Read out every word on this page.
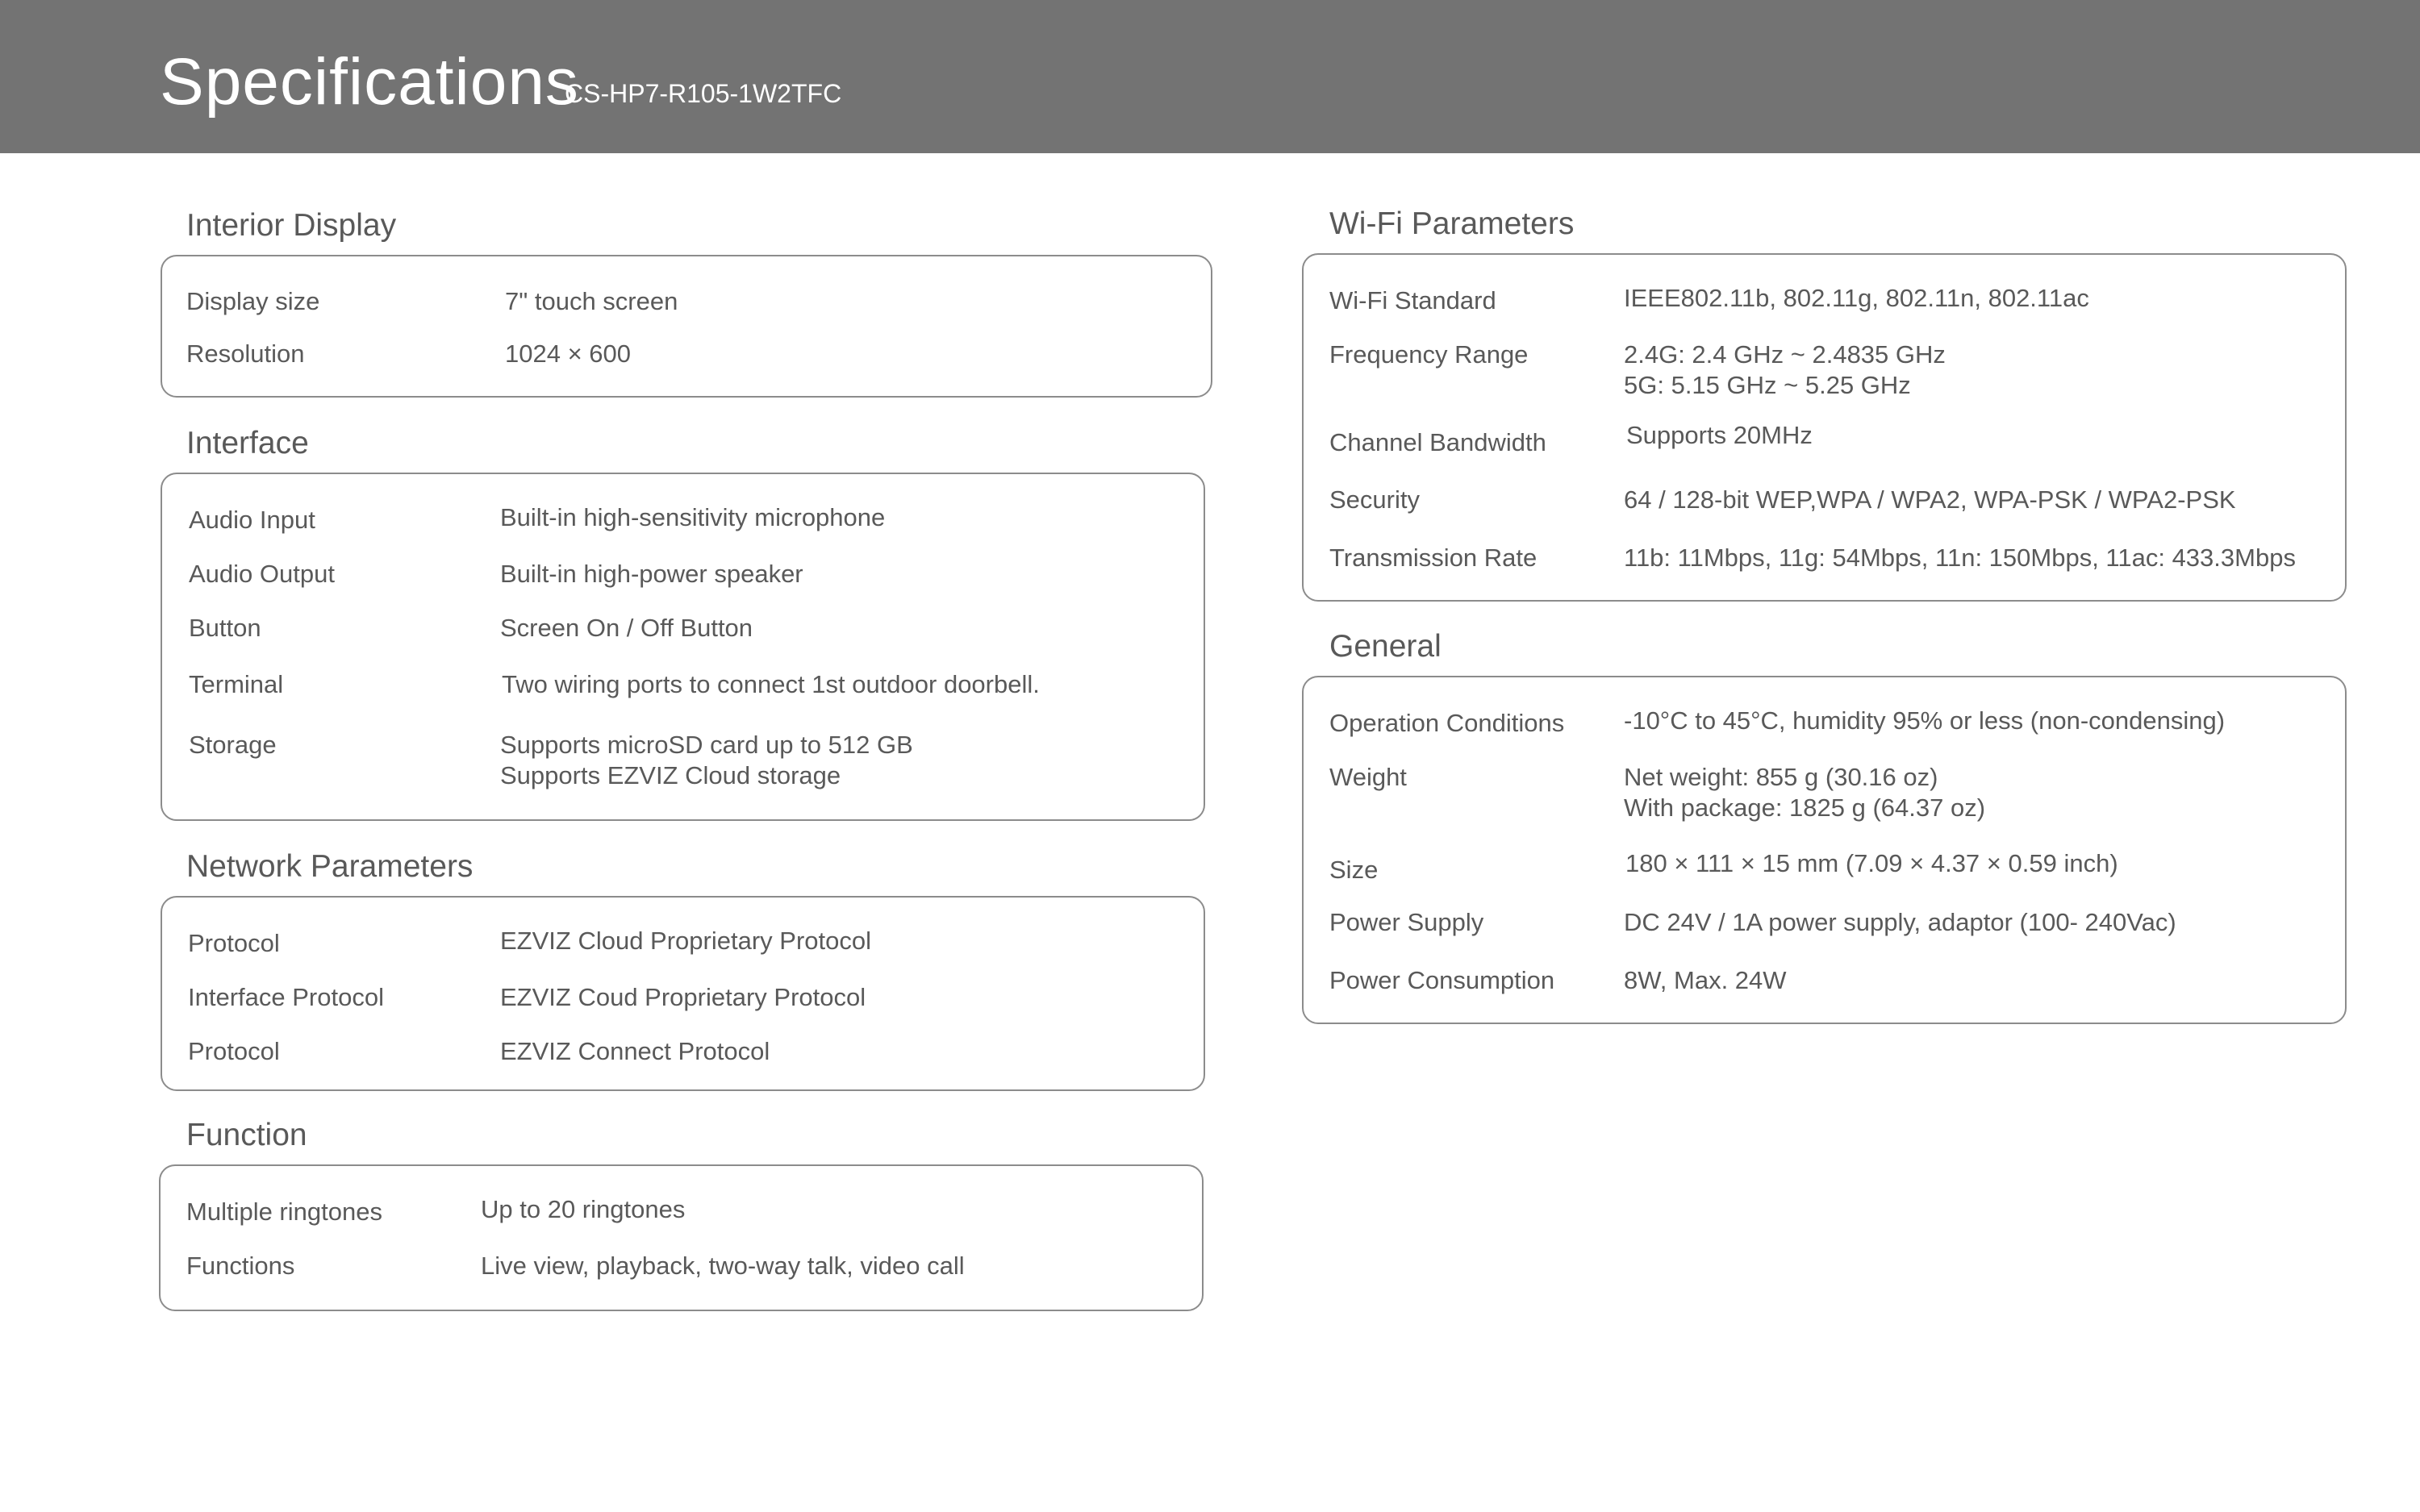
Specifications
CS-HP7-R105-1W2TFC
Interior Display
Display size	7" touch screen
Resolution	1024 × 600
Interface
Audio Input	Built-in high-sensitivity microphone
Audio Output	Built-in high-power speaker
Button	Screen On / Off Button
Terminal	Two wiring ports to connect 1st outdoor doorbell.
Storage	Supports microSD card up to 512 GB
Supports EZVIZ Cloud storage
Network Parameters
Protocol	EZVIZ Cloud Proprietary Protocol
Interface Protocol	EZVIZ Coud Proprietary Protocol
Protocol	EZVIZ Connect Protocol
Function
Multiple ringtones	Up to 20 ringtones
Functions	Live view, playback, two-way talk, video call
Wi-Fi Parameters
Wi-Fi Standard	IEEE802.11b, 802.11g, 802.11n, 802.11ac
Frequency Range	2.4G: 2.4 GHz ~ 2.4835 GHz
5G: 5.15 GHz ~ 5.25 GHz
Channel Bandwidth	Supports 20MHz
Security	64 / 128-bit WEP,WPA / WPA2, WPA-PSK / WPA2-PSK
Transmission Rate	11b: 11Mbps, 11g: 54Mbps, 11n: 150Mbps, 11ac: 433.3Mbps
General
Operation Conditions -10°C to 45°C, humidity 95% or less (non-condensing)
Weight	Net weight: 855 g (30.16 oz)
With package: 1825 g (64.37 oz)
Size	180 × 111 × 15 mm (7.09 × 4.37 × 0.59 inch)
Power Supply	DC 24V / 1A power supply, adaptor (100- 240Vac)
Power Consumption	8W, Max. 24W
